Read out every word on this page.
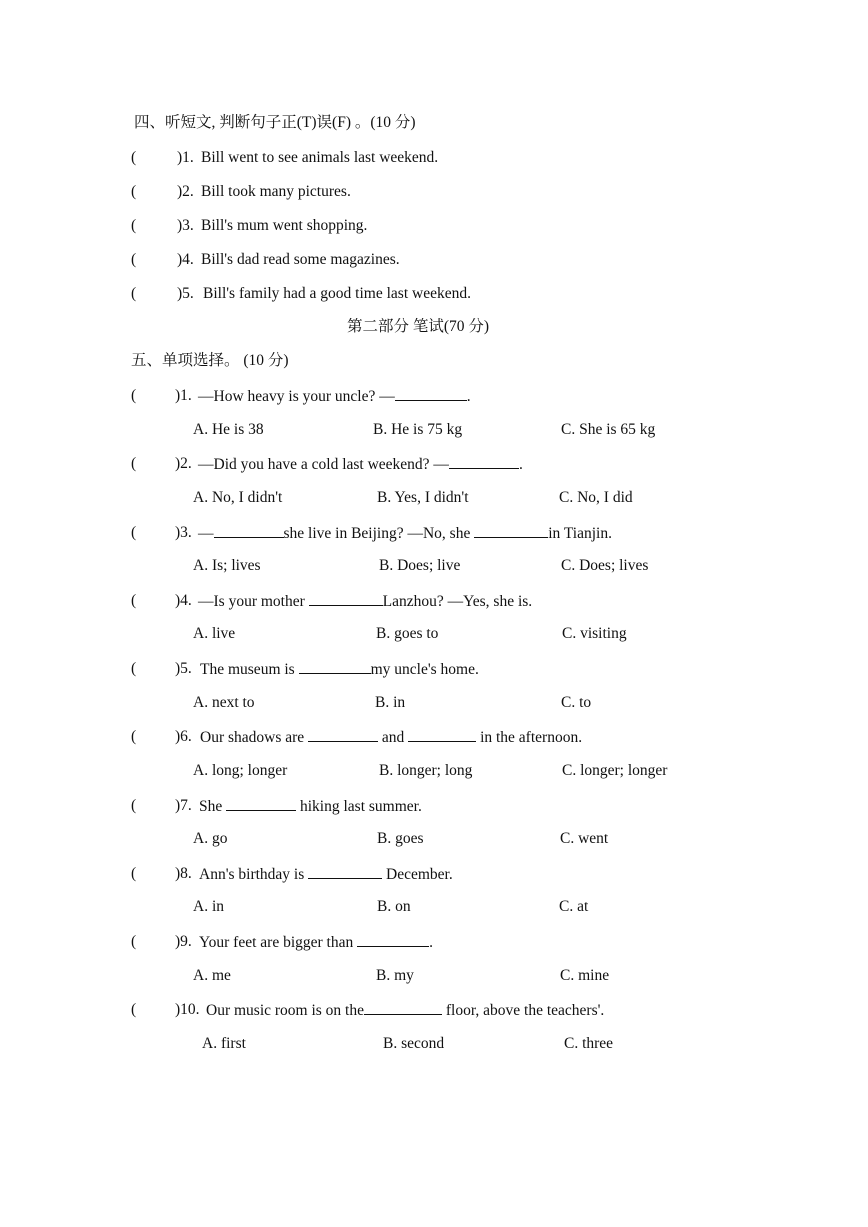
四、听短文, 判断句子正(T)误(F) 。(10 分)
(	)1. Bill went to see animals last weekend.
(	)2. Bill took many pictures.
(	)3. Bill's mum went shopping.
(	)4. Bill's dad read some magazines.
(	)5. Bill's family had a good time last weekend.
第二部分 笔试(70 分)
五、单项选择。 (10 分)
(	)1. —How heavy is your uncle? —	.
A. He is 38	B. He is 75 kg	C. She is 65 kg
(	)2. —Did you have a cold last weekend? —	.
A. No, I didn't	B. Yes, I didn't	C. No, I did
(	)3. —	she live in Beijing? —No, she	in Tianjin.
A. Is; lives	B. Does; live	C. Does; lives
(	)4. —Is your mother	Lanzhou? —Yes, she is.
A. live	B. goes to	C. visiting
(	)5. The museum is	my uncle's home.
A. next to	B. in	C. to
(	)6. Our shadows are	and	in the afternoon.
A. long; longer	B. longer; long	C. longer; longer
(	)7. She	hiking last summer.
A. go	B. goes	C. went
(	)8. Ann's birthday is	December.
A. in	B. on	C. at
(	)9. Your feet are bigger than	.
A. me	B. my	C. mine
(	)10. Our music room is on the	floor, above the teachers'.
A. first	B. second	C. three
